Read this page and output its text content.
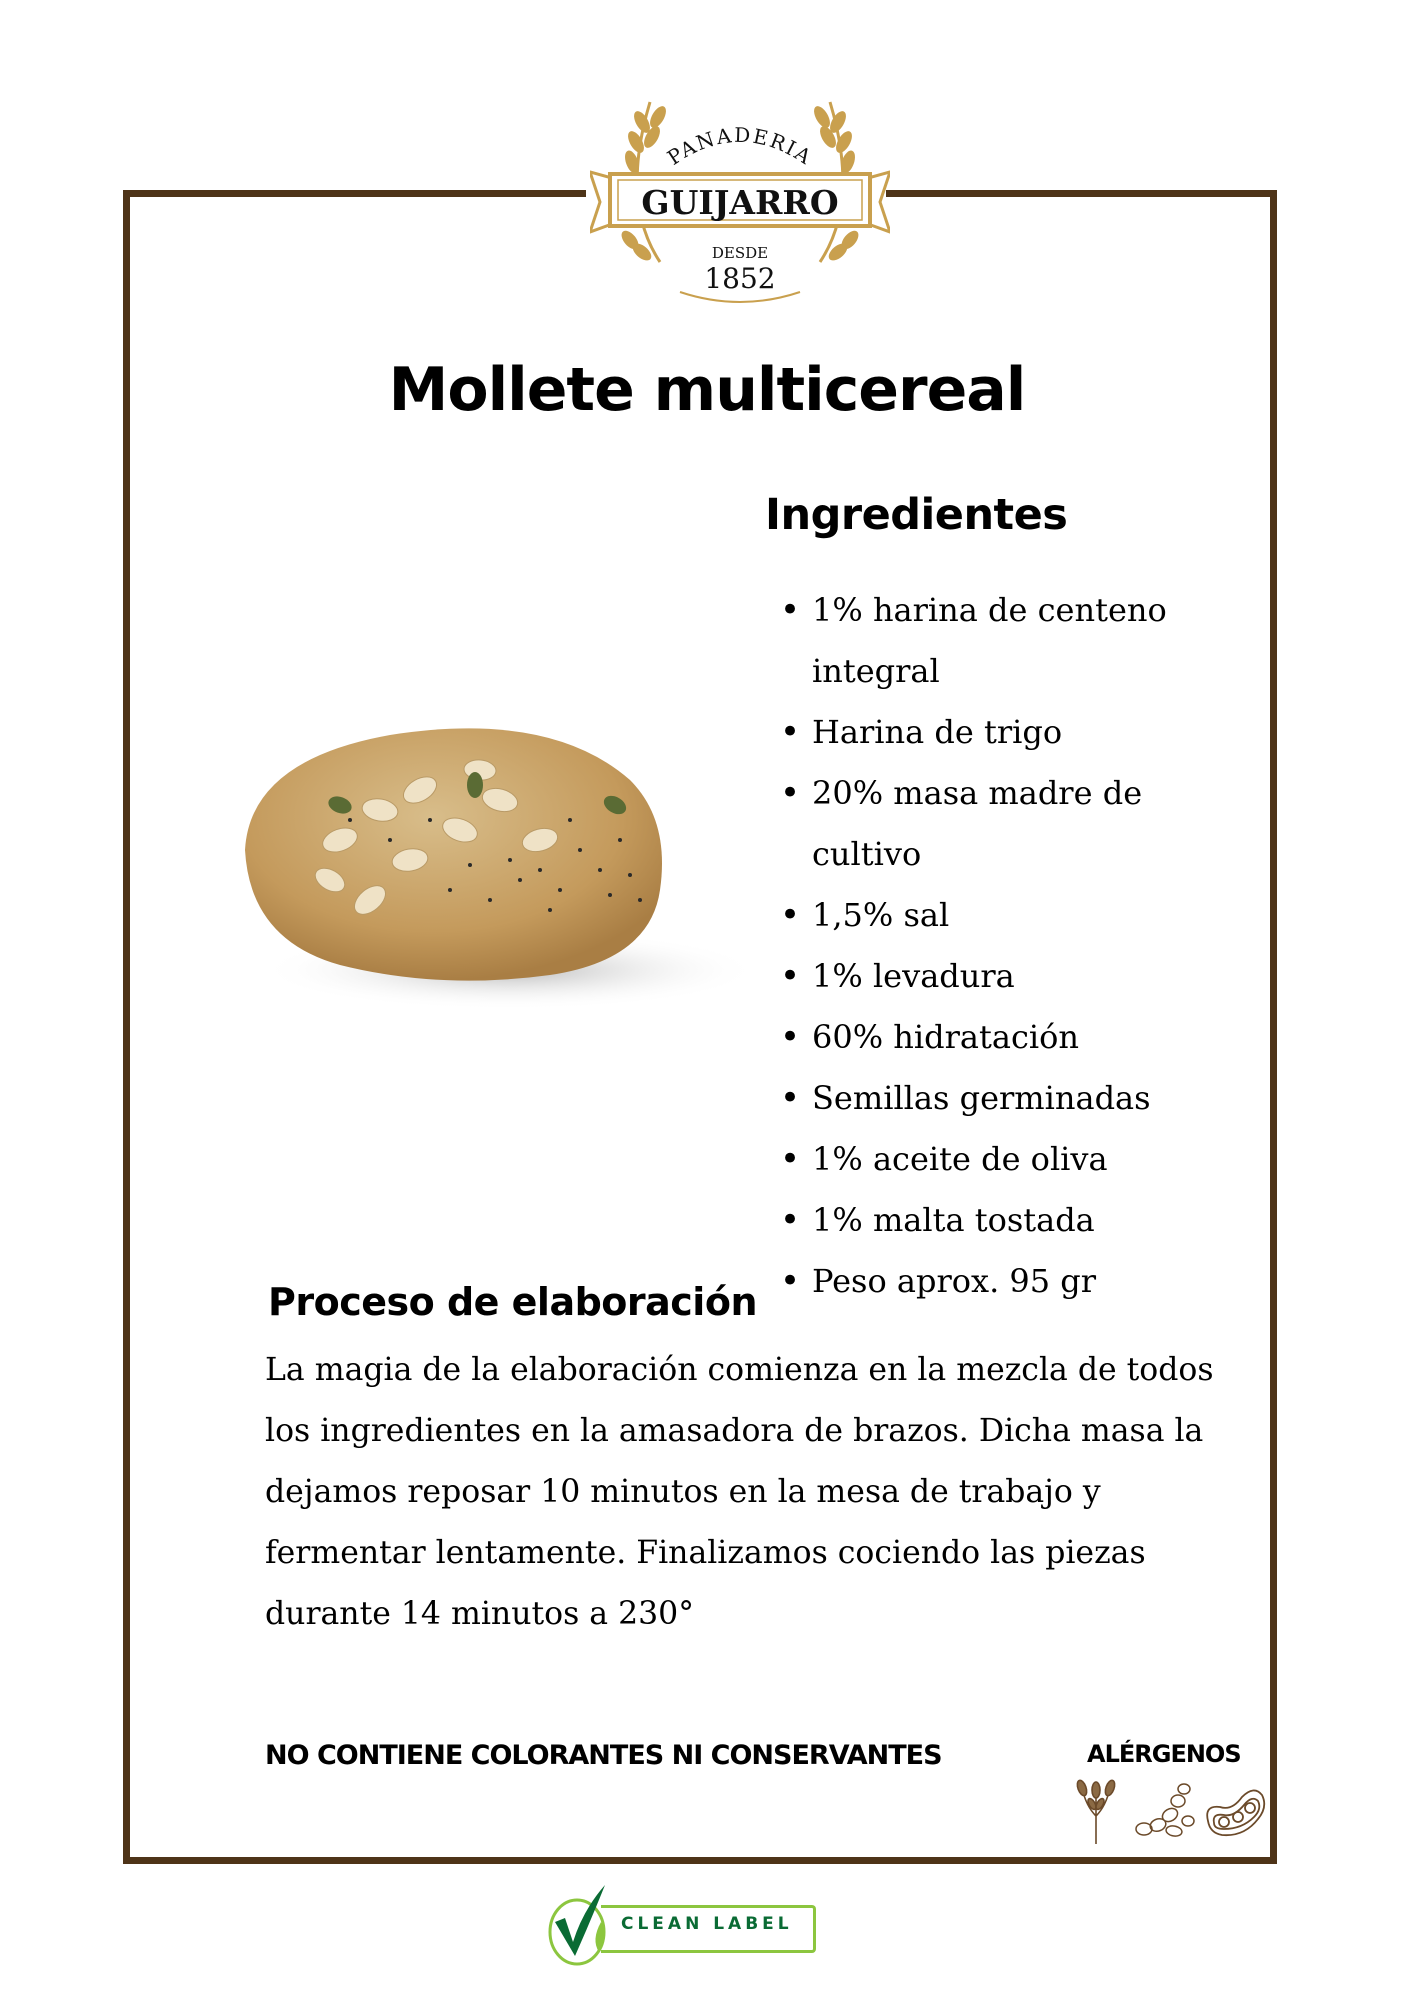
PANADERIA
GUIJARRO
DESDE
1852
Mollete multicereal
Ingredientes
• 1% harina de centeno integral
• Harina de trigo
• 20% masa madre de cultivo
• 1,5% sal
• 1% levadura
• 60% hidratación
• Semillas germinadas
• 1% aceite de oliva
• 1% malta tostada
• Peso aprox. 95 gr
Proceso de elaboración

La magia de la elaboración comienza en la mezcla de todos los ingredientes en la amasadora de brazos. Dicha masa la dejamos reposar 10 minutos en la mesa de trabajo y fermentar lentamente. Finalizamos cociendo las piezas durante 14 minutos a 230°

NO CONTIENE COLORANTES NI CONSERVANTES	ALÉRGENOS
CLEAN LABEL
